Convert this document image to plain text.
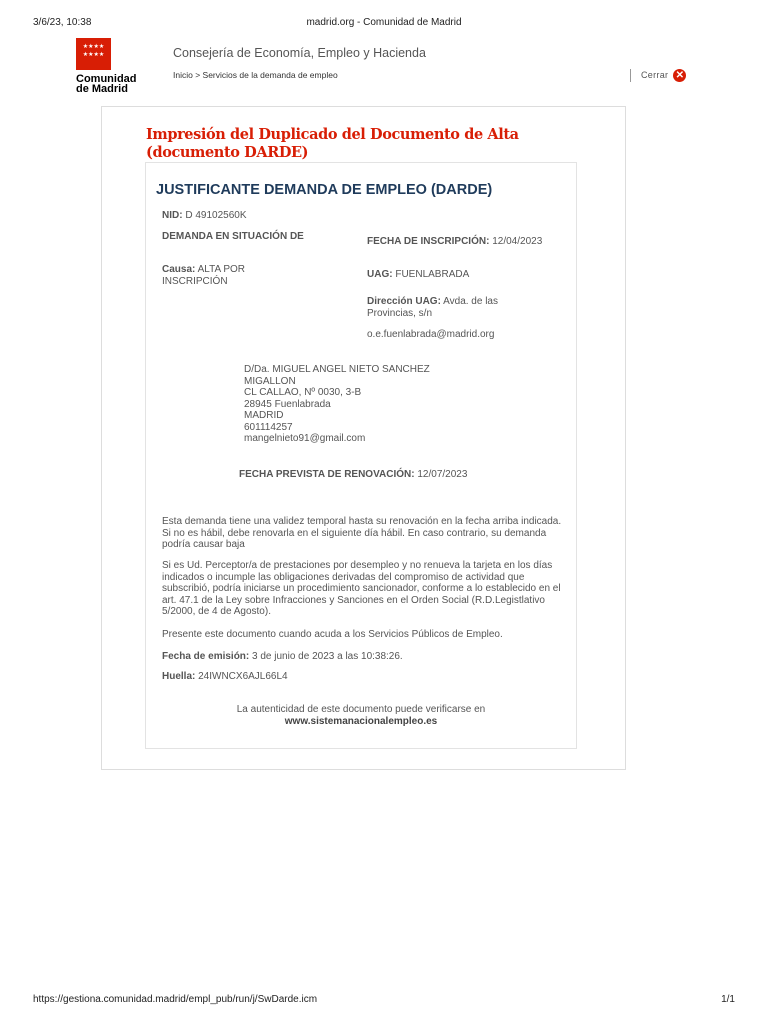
3/6/23, 10:38	madrid.org - Comunidad de Madrid
★★★★
★★★★
Comunidad
de Madrid
Consejería de Economía, Empleo y Hacienda
Inicio > Servicios de la demanda de empleo	Cerrar ✕
Impresión del Duplicado del Documento de Alta (documento DARDE)
JUSTIFICANTE DEMANDA DE EMPLEO (DARDE)
NID: D 49102560K
DEMANDA EN SITUACIÓN DE
Causa: ALTA POR INSCRIPCIÓN
FECHA DE INSCRIPCIÓN: 12/04/2023
UAG: FUENLABRADA
Dirección UAG: Avda. de las Provincias, s/n
o.e.fuenlabrada@madrid.org
D/Da. MIGUEL ANGEL NIETO SANCHEZ
MIGALLON
CL CALLAO, Nº 0030, 3-B
28945 Fuenlabrada
MADRID
601114257
mangelnieto91@gmail.com
FECHA PREVISTA DE RENOVACIÓN: 12/07/2023
Esta demanda tiene una validez temporal hasta su renovación en la fecha arriba indicada. Si no es hábil, debe renovarla en el siguiente día hábil. En caso contrario, su demanda podría causar baja
Si es Ud. Perceptor/a de prestaciones por desempleo y no renueva la tarjeta en los días indicados o incumple las obligaciones derivadas del compromiso de actividad que subscribió, podría iniciarse un procedimiento sancionador, conforme a lo establecido en el art. 47.1 de la Ley sobre Infracciones y Sanciones en el Orden Social (R.D.Legistlativo 5/2000, de 4 de Agosto).
Presente este documento cuando acuda a los Servicios Públicos de Empleo.
Fecha de emisión: 3 de junio de 2023 a las 10:38:26.
Huella: 24IWNCX6AJL66L4
La autenticidad de este documento puede verificarse en
www.sistemanacionalempleo.es
https://gestiona.comunidad.madrid/empl_pub/run/j/SwDarde.icm	1/1
